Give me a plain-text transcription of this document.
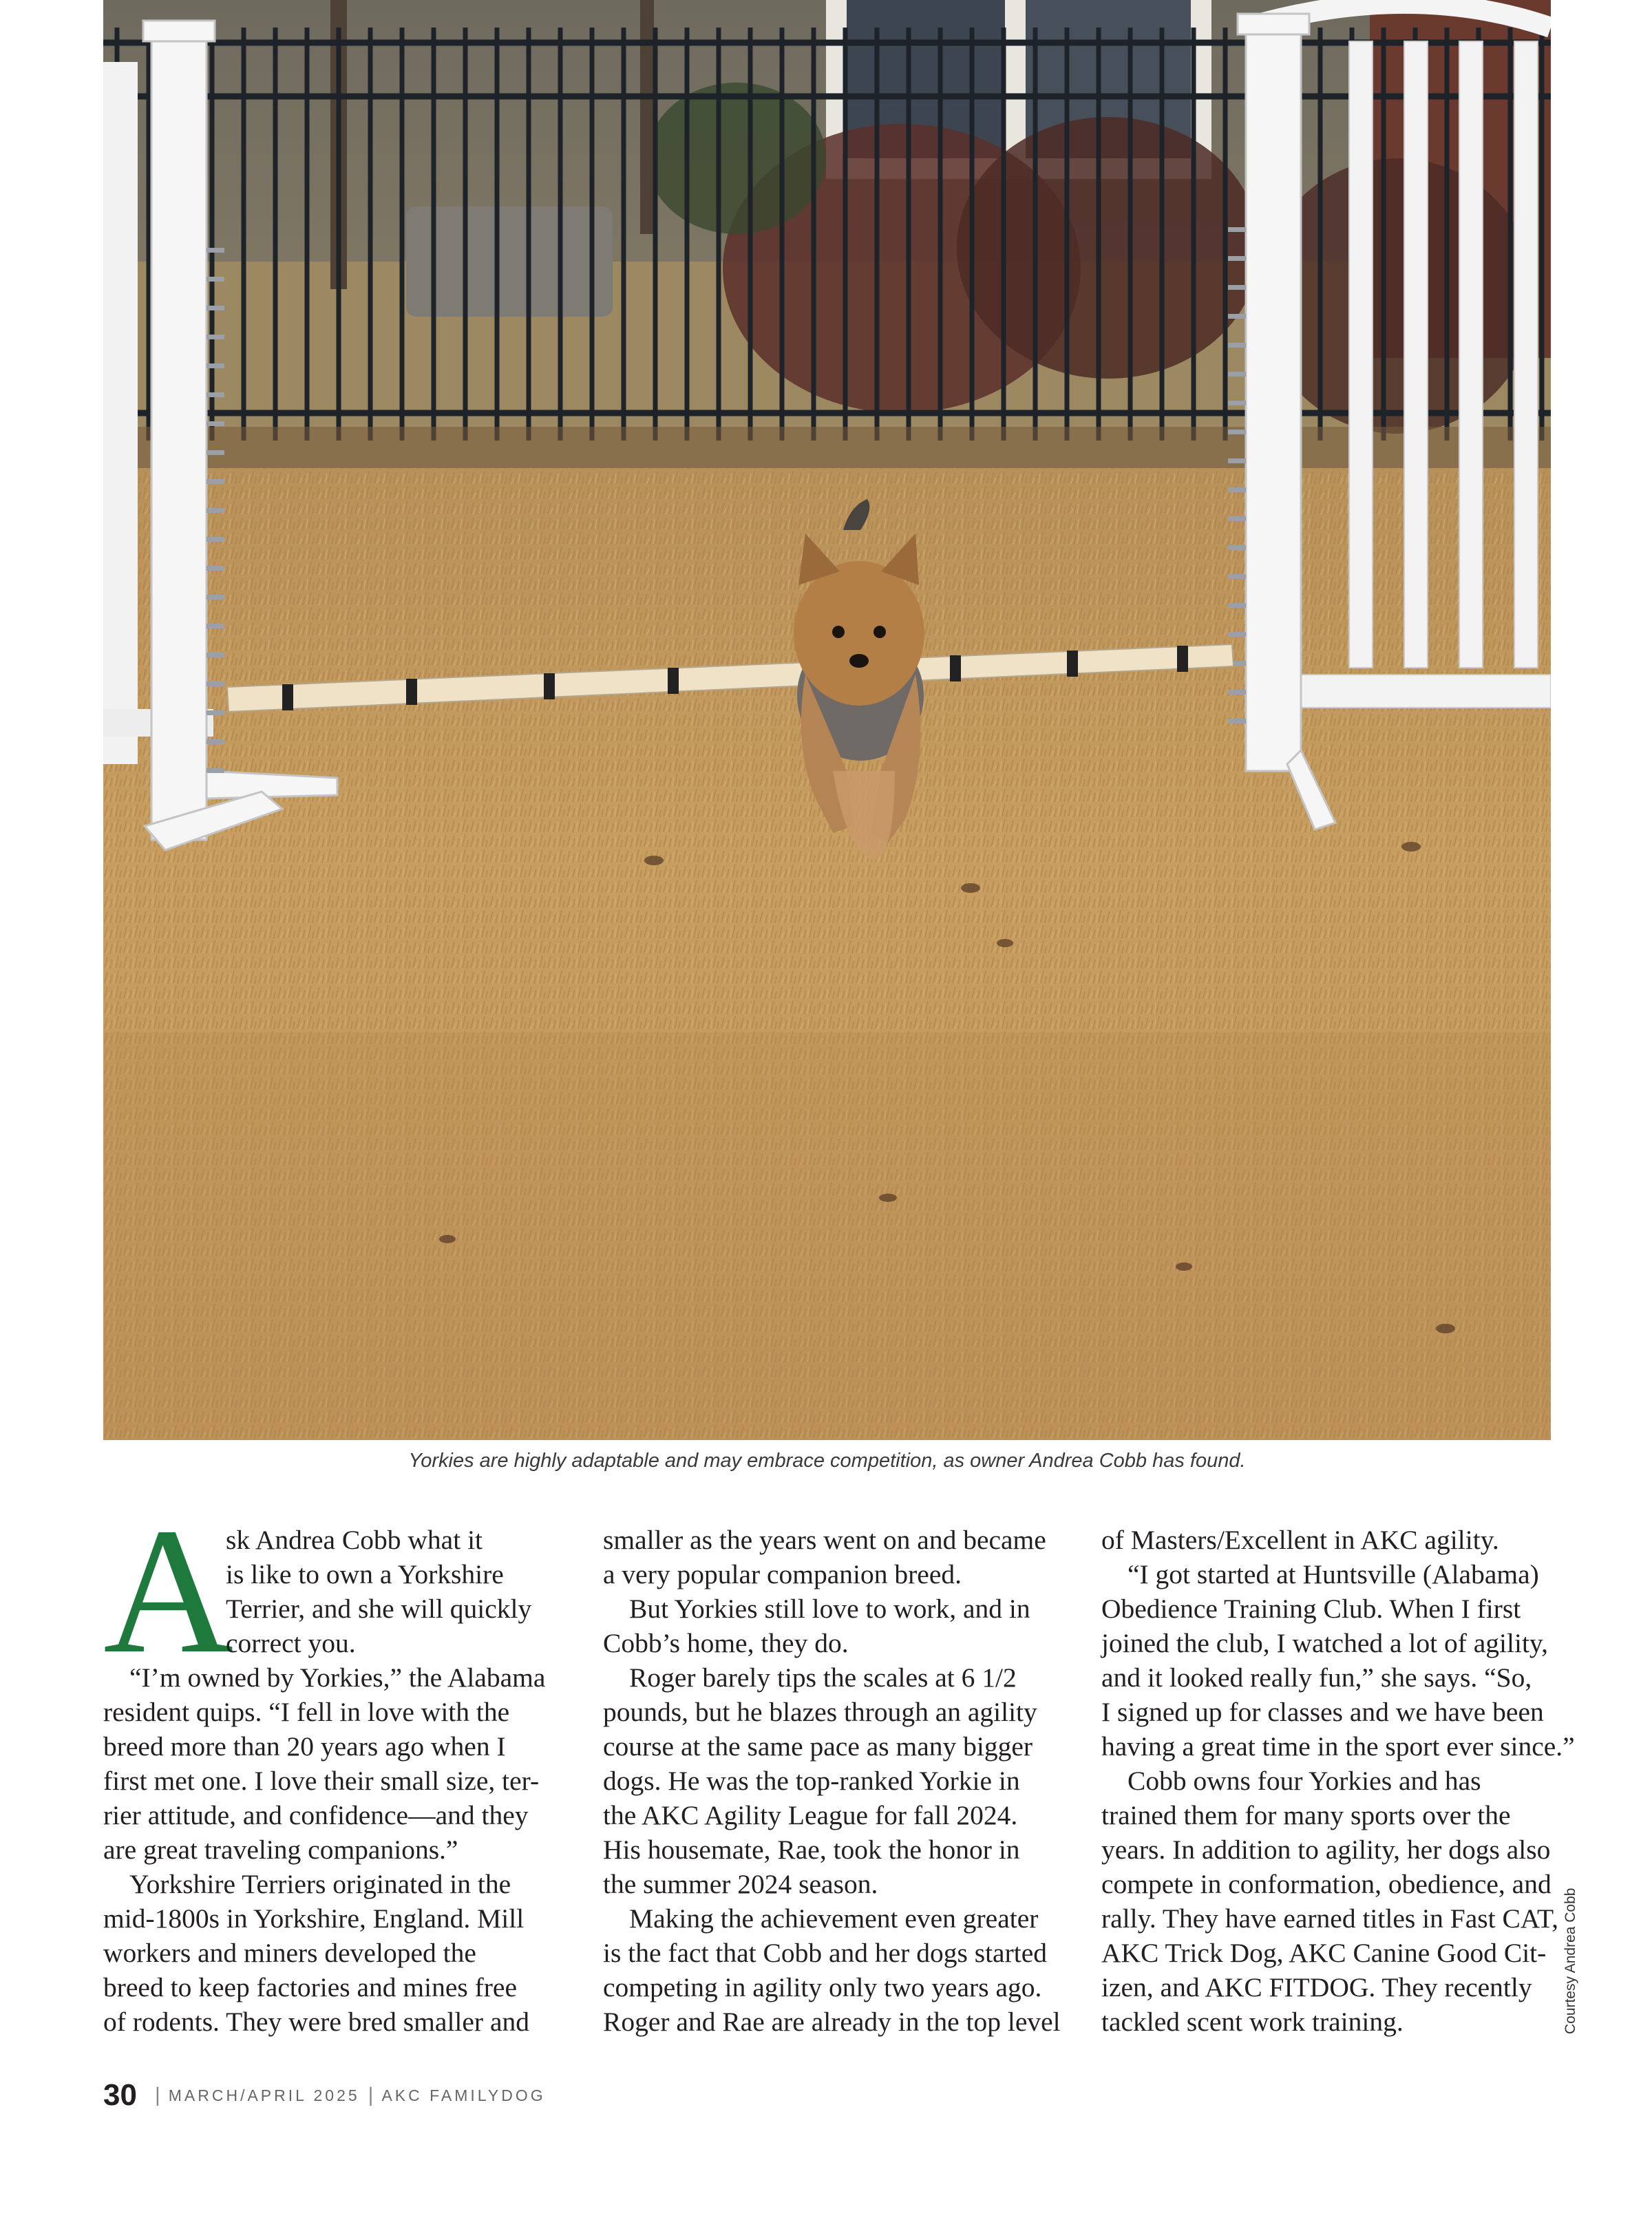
Yorkies are highly adaptable and may embrace competition, as owner Andrea Cobb has found.
A
sk Andrea Cobb what it
is like to own a Yorkshire
Terrier, and she will quickly
correct you.
“I’m owned by Yorkies,” the Alabama
resident quips. “I fell in love with the
breed more than 20 years ago when I
first met one. I love their small size, ter-
rier attitude, and confidence—and they
are great traveling companions.”
Yorkshire Terriers originated in the
mid-1800s in Yorkshire, England. Mill
workers and miners developed the
breed to keep factories and mines free
of rodents. They were bred smaller and
smaller as the years went on and became
a very popular companion breed.
But Yorkies still love to work, and in
Cobb’s home, they do.
Roger barely tips the scales at 6 1/2
pounds, but he blazes through an agility
course at the same pace as many bigger
dogs. He was the top-ranked Yorkie in
the AKC Agility League for fall 2024.
His housemate, Rae, took the honor in
the summer 2024 season.
Making the achievement even greater
is the fact that Cobb and her dogs started
competing in agility only two years ago.
Roger and Rae are already in the top level
of Masters/Excellent in AKC agility.
“I got started at Huntsville (Alabama)
Obedience Training Club. When I first
joined the club, I watched a lot of agility,
and it looked really fun,” she says. “So,
I signed up for classes and we have been
having a great time in the sport ever since.”
Cobb owns four Yorkies and has
trained them for many sports over the
years. In addition to agility, her dogs also
compete in conformation, obedience, and
rally. They have earned titles in Fast CAT,
AKC Trick Dog, AKC Canine Good Cit-
izen, and AKC FITDOG. They recently
tackled scent work training.	Courtesy Andrea Cobb
30 | MARCH/APRIL 2025 | AKC FAMILYDOG
